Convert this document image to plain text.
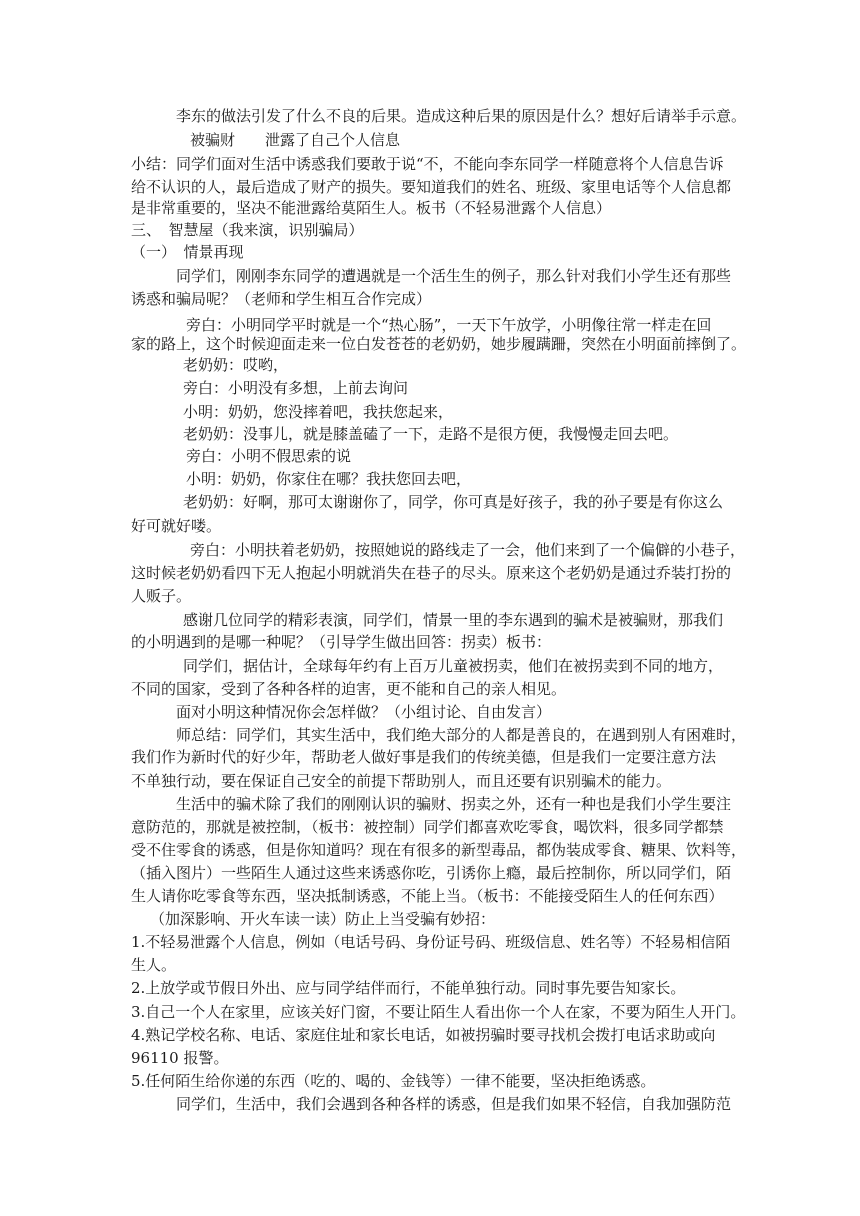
李东的做法引发了什么不良的后果。造成这种后果的原因是什么？想好后请举手示意。
被骗财　　泄露了自己个人信息
小结：同学们面对生活中诱惑我们要敢于说“不，不能向李东同学一样随意将个人信息告诉
给不认识的人，最后造成了财产的损失。要知道我们的姓名、班级、家里电话等个人信息都
是非常重要的，坚决不能泄露给莫陌生人。板书（不轻易泄露个人信息）
三、　智慧屋（我来演，识别骗局）
（一）　情景再现
同学们，刚刚李东同学的遭遇就是一个活生生的例子，那么针对我们小学生还有那些
诱惑和骗局呢？（老师和学生相互合作完成）
旁白：小明同学平时就是一个“热心肠”，一天下午放学，小明像往常一样走在回
家的路上，这个时候迎面走来一位白发苍苍的老奶奶，她步履蹒跚，突然在小明面前摔倒了。
老奶奶：哎哟，
旁白：小明没有多想，上前去询问
小明：奶奶，您没摔着吧，我扶您起来，
老奶奶：没事儿，就是膝盖磕了一下，走路不是很方便，我慢慢走回去吧。
旁白：小明不假思索的说
小明：奶奶，你家住在哪？我扶您回去吧，
老奶奶：好啊，那可太谢谢你了，同学，你可真是好孩子，我的孙子要是有你这么
好可就好喽。
旁白：小明扶着老奶奶，按照她说的路线走了一会，他们来到了一个偏僻的小巷子，
这时候老奶奶看四下无人抱起小明就消失在巷子的尽头。原来这个老奶奶是通过乔装打扮的
人贩子。
感谢几位同学的精彩表演，同学们，情景一里的李东遇到的骗术是被骗财，那我们
的小明遇到的是哪一种呢？（引导学生做出回答：拐卖）板书：
同学们，据估计，全球每年约有上百万儿童被拐卖，他们在被拐卖到不同的地方，
不同的国家，受到了各种各样的迫害，更不能和自己的亲人相见。
面对小明这种情况你会怎样做？（小组讨论、自由发言）
师总结：同学们，其实生活中，我们绝大部分的人都是善良的，在遇到别人有困难时，
我们作为新时代的好少年，帮助老人做好事是我们的传统美德，但是我们一定要注意方法
不单独行动，要在保证自己安全的前提下帮助别人，而且还要有识别骗术的能力。
生活中的骗术除了我们的刚刚认识的骗财、拐卖之外，还有一种也是我们小学生要注
意防范的，那就是被控制，（板书：被控制）同学们都喜欢吃零食，喝饮料，很多同学都禁
受不住零食的诱惑，但是你知道吗？现在有很多的新型毒品，都伪装成零食、糖果、饮料等，
（插入图片）一些陌生人通过这些来诱惑你吃，引诱你上瘾，最后控制你，所以同学们，陌
生人请你吃零食等东西，坚决抵制诱惑，不能上当。（板书：不能接受陌生人的任何东西）
（加深影响、开火车读一读）防止上当受骗有妙招：
1.不轻易泄露个人信息，例如（电话号码、身份证号码、班级信息、姓名等）不轻易相信陌
生人。
2.上放学或节假日外出、应与同学结伴而行，不能单独行动。同时事先要告知家长。
3.自己一个人在家里，应该关好门窗，不要让陌生人看出你一个人在家，不要为陌生人开门。
4.熟记学校名称、电话、家庭住址和家长电话，如被拐骗时要寻找机会拨打电话求助或向
96110 报警。
5.任何陌生给你递的东西（吃的、喝的、金钱等）一律不能要，坚决拒绝诱惑。
同学们，生活中，我们会遇到各种各样的诱惑，但是我们如果不轻信，自我加强防范
